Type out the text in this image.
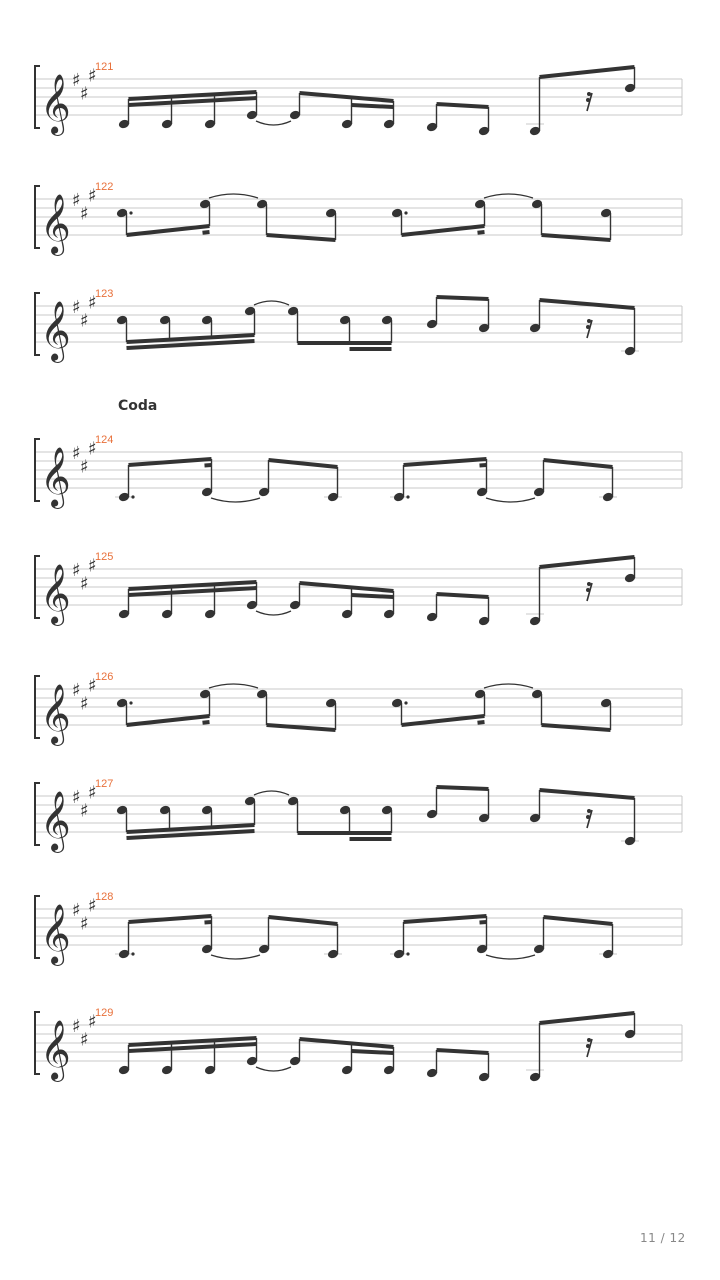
𝄞 ♯
♯
♯
121
𝄞 ♯
♯
♯
122
𝄞 ♯
♯
♯
123
𝄞 ♯
♯
♯
124
𝄞 ♯
♯
♯
125
𝄞 ♯
♯
♯
126
𝄞 ♯
♯
♯
127
𝄞 ♯
♯
♯
128
𝄞 ♯
♯
♯
129
Coda
11 / 12
